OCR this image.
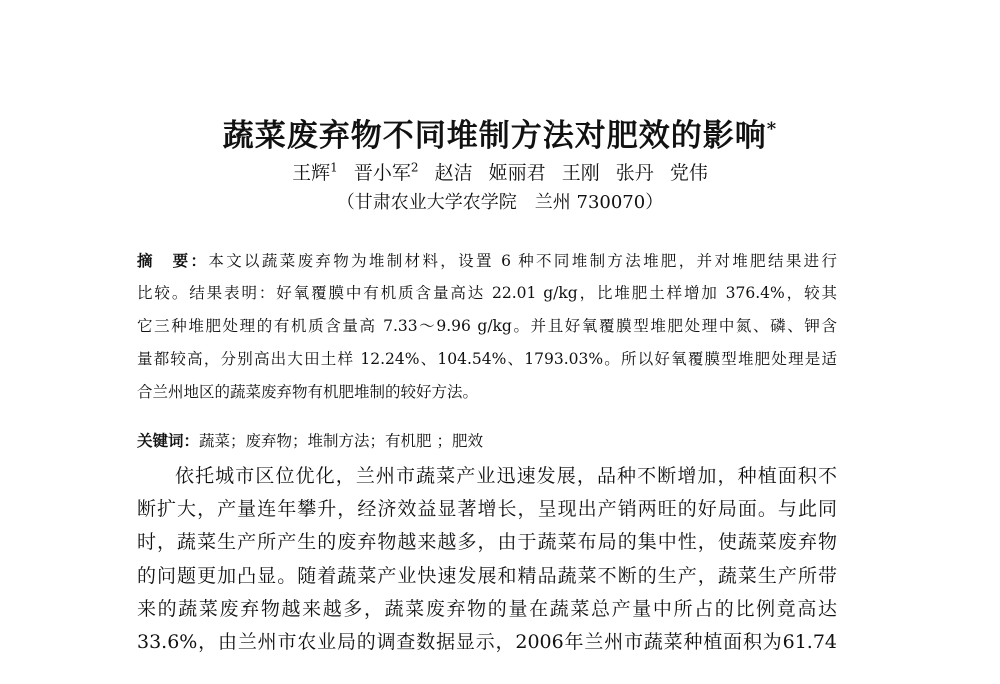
蔬菜废弃物不同堆制方法对肥效的影响*
王辉$^1$ 晋小军$^2$ 赵洁 姬丽君 王刚 张丹 党伟
（甘肃农业大学农学院　兰州 730070）
摘　要：本文以蔬菜废弃物为堆制材料，设置 6 种不同堆制方法堆肥，并对堆肥结果进行
比较。结果表明：好氧覆膜中有机质含量高达 22.01 g/kg，比堆肥土样增加 376.4%，较其
它三种堆肥处理的有机质含量高 7.33～9.96 g/kg。并且好氧覆膜型堆肥处理中氮、磷、钾含
量都较高，分别高出大田土样 12.24%、104.54%、1793.03%。所以好氧覆膜型堆肥处理是适
合兰州地区的蔬菜废弃物有机肥堆制的较好方法。
关键词：蔬菜；废弃物；堆制方法；有机肥 ；肥效
依托城市区位优化，兰州市蔬菜产业迅速发展，品种不断增加，种植面积不
断扩大，产量连年攀升，经济效益显著增长，呈现出产销两旺的好局面。与此同
时，蔬菜生产所产生的废弃物越来越多，由于蔬菜布局的集中性，使蔬菜废弃物
的问题更加凸显。随着蔬菜产业快速发展和精品蔬菜不断的生产，蔬菜生产所带
来的蔬菜废弃物越来越多，蔬菜废弃物的量在蔬菜总产量中所占的比例竟高达
33.6%，由兰州市农业局的调查数据显示，2006年兰州市蔬菜种植面积为61.74
